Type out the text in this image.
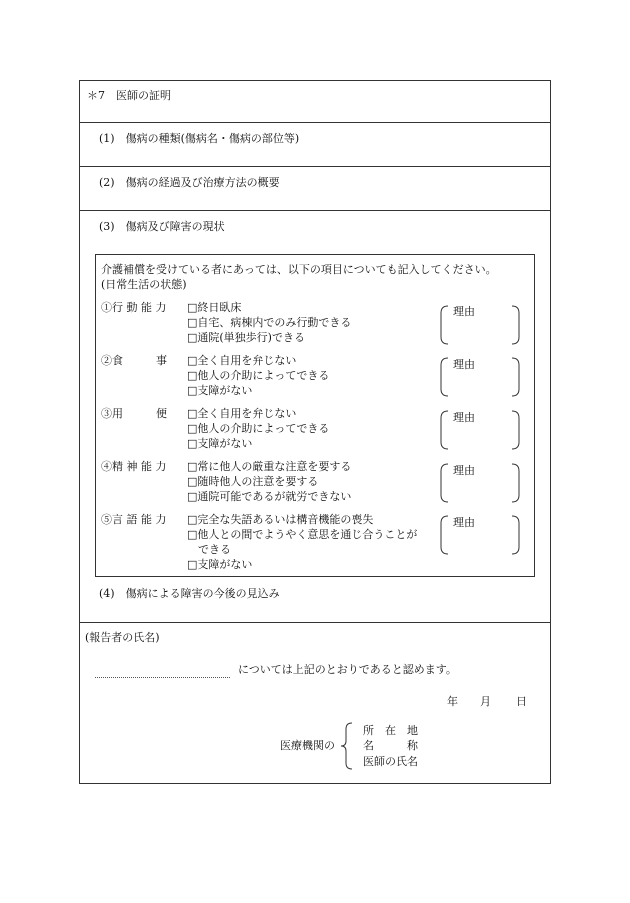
＊7　医師の証明
(1)　傷病の種類(傷病名・傷病の部位等)
(2)　傷病の経過及び治療方法の概要
(3)　傷病及び障害の現状
介護補償を受けている者にあっては、以下の項目についても記入してください。
(日常生活の状態)
①行 動 能 力 □終日臥床
□自宅、病棟内でのみ行動できる
□通院(単独歩行)できる
理由
②食　　　事 □全く自用を弁じない
□他人の介助によってできる
□支障がない
理由
③用　　　便 □全く自用を弁じない
□他人の介助によってできる
□支障がない
理由
④精 神 能 力 □常に他人の厳重な注意を要する
□随時他人の注意を要する
□通院可能であるが就労できない
理由
⑤言 語 能 力 □完全な失語あるいは構音機能の喪失
□他人との間でようやく意思を通じ合うことが
　できる
□支障がない
理由
(4)　傷病による障害の今後の見込み
(報告者の氏名)
については上記のとおりであると認めます。
年 月 日
医療機関の
所　在　地
名　　　称
医師の氏名
